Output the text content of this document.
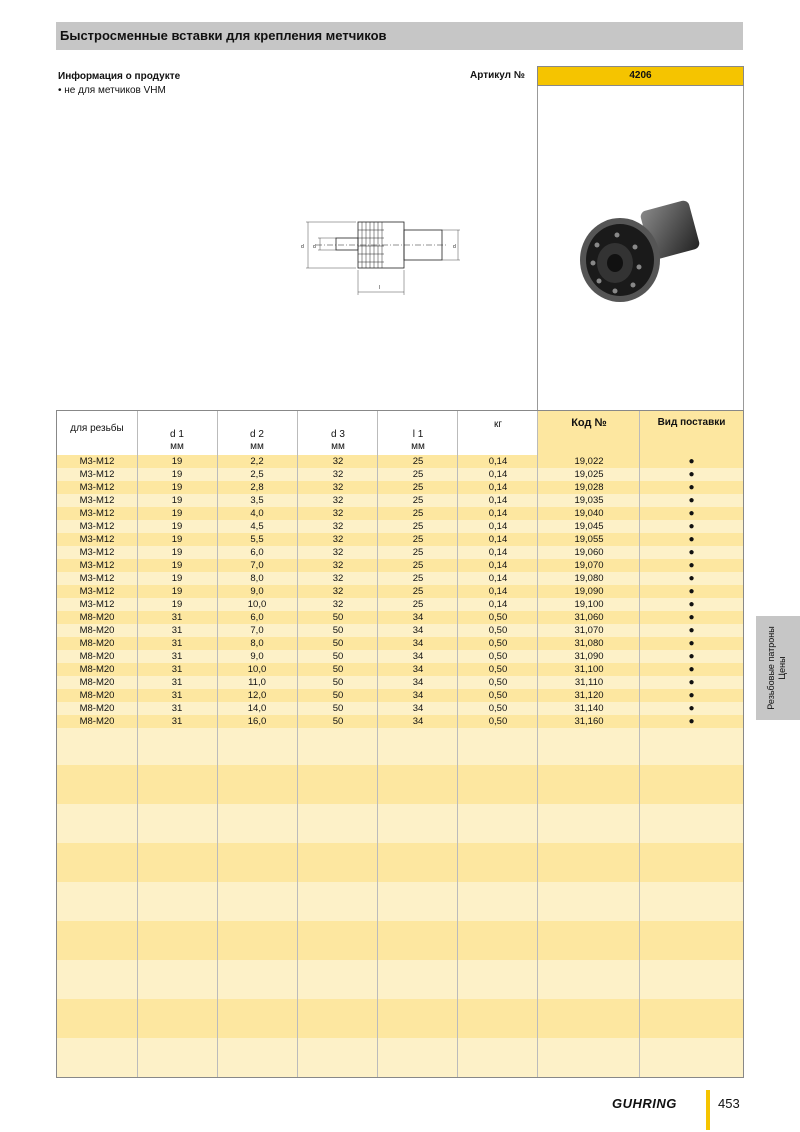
Быстросменные вставки для крепления метчиков
Информация о продукте
• не для метчиков VHM
Артикул №	4206
d d	d
l
для резьбы
d 1
мм
d 2
мм
d 3
мм
l 1
мм
кг	Код №	Вид поставки
M3-M12	19	2,2	32	25	0,14	19,022	●
M3-M12	19	2,5	32	25	0,14	19,025	●
M3-M12	19	2,8	32	25	0,14	19,028	●
M3-M12	19	3,5	32	25	0,14	19,035	●
M3-M12	19	4,0	32	25	0,14	19,040	●
M3-M12	19	4,5	32	25	0,14	19,045	●
M3-M12	19	5,5	32	25	0,14	19,055	●
M3-M12	19	6,0	32	25	0,14	19,060	●
M3-M12	19	7,0	32	25	0,14	19,070	●
M3-M12	19	8,0	32	25	0,14	19,080	●
M3-M12	19	9,0	32	25	0,14	19,090	●
M3-M12	19	10,0	32	25	0,14	19,100	●
M8-M20	31	6,0	50	34	0,50	31,060	●
M8-M20	31	7,0	50	34	0,50	31,070	●
M8-M20	31	8,0	50	34	0,50	31,080	●
M8-M20	31	9,0	50	34	0,50	31,090	●
M8-M20	31	10,0	50	34	0,50	31,100	●
M8-M20	31	11,0	50	34	0,50	31,110	●
M8-M20	31	12,0	50	34	0,50	31,120	●
M8-M20	31	14,0	50	34	0,50	31,140	●
M8-M20	31	16,0	50	34	0,50	31,160	●
Резьбовые патроны Цены
GUHRING	453
